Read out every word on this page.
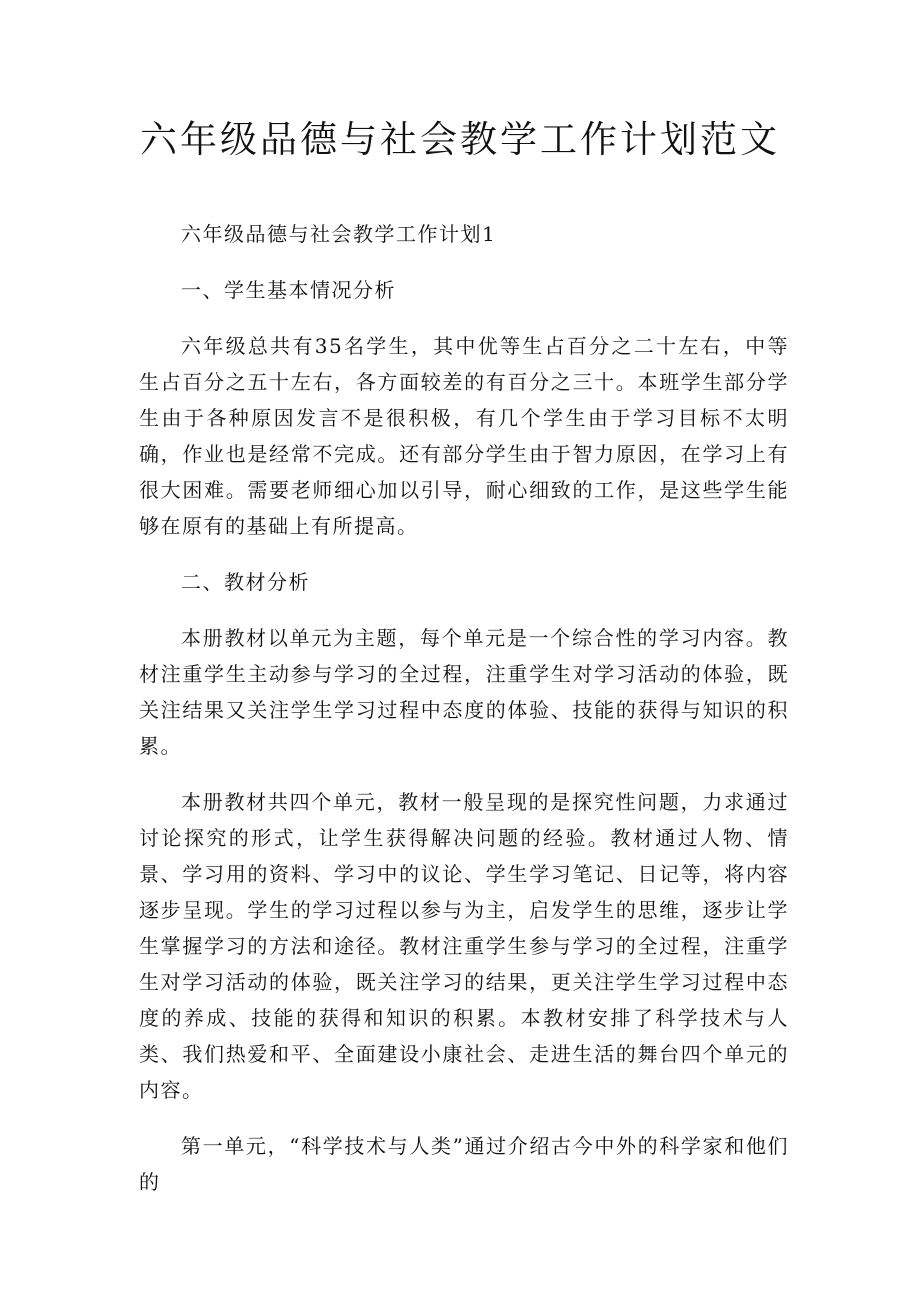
六年级品德与社会教学工作计划范文

六年级品德与社会教学工作计划1

一、学生基本情况分析

六年级总共有35名学生，其中优等生占百分之二十左右，中等生占百分之五十左右，各方面较差的有百分之三十。本班学生部分学生由于各种原因发言不是很积极，有几个学生由于学习目标不太明确，作业也是经常不完成。还有部分学生由于智力原因，在学习上有很大困难。需要老师细心加以引导，耐心细致的工作，是这些学生能够在原有的基础上有所提高。

二、教材分析

本册教材以单元为主题，每个单元是一个综合性的学习内容。教材注重学生主动参与学习的全过程，注重学生对学习活动的体验，既关注结果又关注学生学习过程中态度的体验、技能的获得与知识的积累。

本册教材共四个单元，教材一般呈现的是探究性问题，力求通过讨论探究的形式，让学生获得解决问题的经验。教材通过人物、情景、学习用的资料、学习中的议论、学生学习笔记、日记等，将内容逐步呈现。学生的学习过程以参与为主，启发学生的思维，逐步让学生掌握学习的方法和途径。教材注重学生参与学习的全过程，注重学生对学习活动的体验，既关注学习的结果，更关注学生学习过程中态度的养成、技能的获得和知识的积累。本教材安排了科学技术与人类、我们热爱和平、全面建设小康社会、走进生活的舞台四个单元的内容。

第一单元，“科学技术与人类”通过介绍古今中外的科学家和他们的
